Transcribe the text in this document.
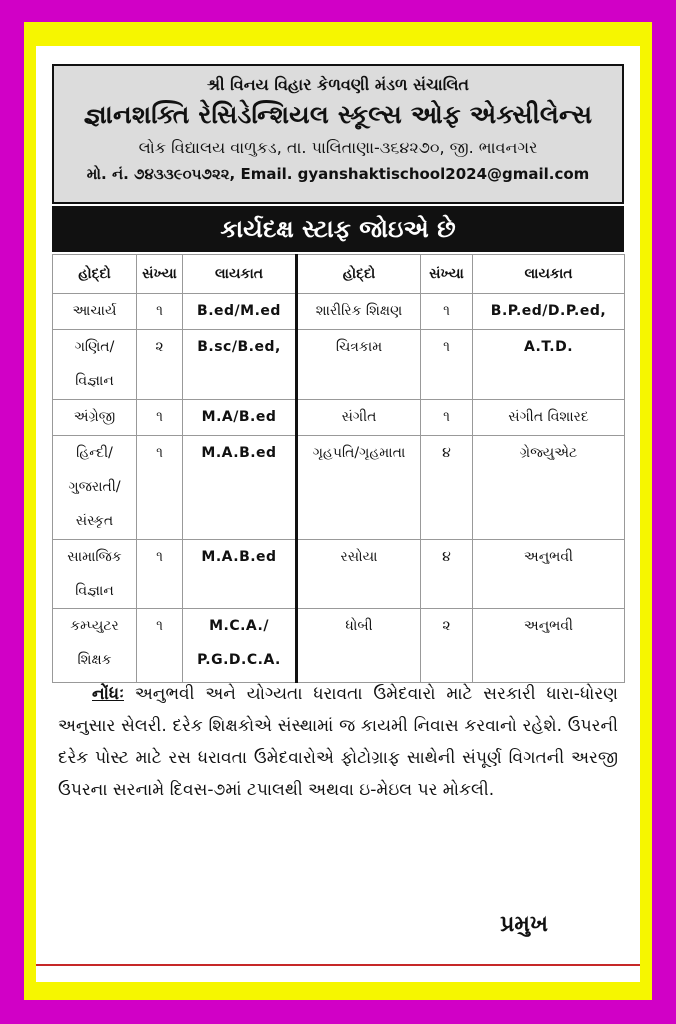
શ્રી વિનય વિહાર કેળવણી મંડળ સંચાલિત
જ્ઞાનશક્તિ રેસિડેન્શિયલ સ્કૂલ્સ ઓફ એક્સીલેન્સ
લોક વિદ્યાલય વાળુકડ, તા. પાલિતાણા-૩૬૪૨૭૦, જી. ભાવનગર
મો. નં. ૭૪૩૩૯૦૫૭૨૨, Email. gyanshaktischool2024@gmail.com
કાર્યદક્ષ સ્ટાફ જોઇએ છે
હોદ્દો	સંખ્યા	લાયકાત	હોદ્દો	સંખ્યા	લાયકાત
આચાર્ય	૧	B.ed/M.ed	શારીરિક શિક્ષણ	૧	B.P.ed/D.P.ed,
ગણિત/ વિજ્ઞાન	૨	B.sc/B.ed,	ચિત્રકામ	૧	A.T.D.
અંગ્રેજી	૧	M.A/B.ed	સંગીત	૧	સંગીત વિશારદ
હિન્દી/ ગુજરાતી/ સંસ્કૃત	૧	M.A.B.ed	ગૃહપતિ/ગૃહમાતા	૪	ગ્રેજ્યુએટ
સામાજિક વિજ્ઞાન	૧	M.A.B.ed	રસોયા	૪	અનુભવી
કમ્પ્યુટર શિક્ષક	૧	M.C.A./ P.G.D.C.A.	ધોબી	૨	અનુભવી
નોંધઃ અનુભવી અને યોગ્યતા ધરાવતા ઉમેદવારો માટે સરકારી ધારા-ધોરણ અનુસાર સેલરી. દરેક શિક્ષકોએ સંસ્થામાં જ કાયમી નિવાસ કરવાનો રહેશે. ઉપરની દરેક પોસ્ટ માટે રસ ધરાવતા ઉમેદવારોએ ફોટોગ્રાફ સાથેની સંપૂર્ણ વિગતની અરજી ઉપરના સરનામે દિવસ-૭માં ટપાલથી અથવા ઇ-મેઇલ પર મોકલી.
પ્રમુખ
